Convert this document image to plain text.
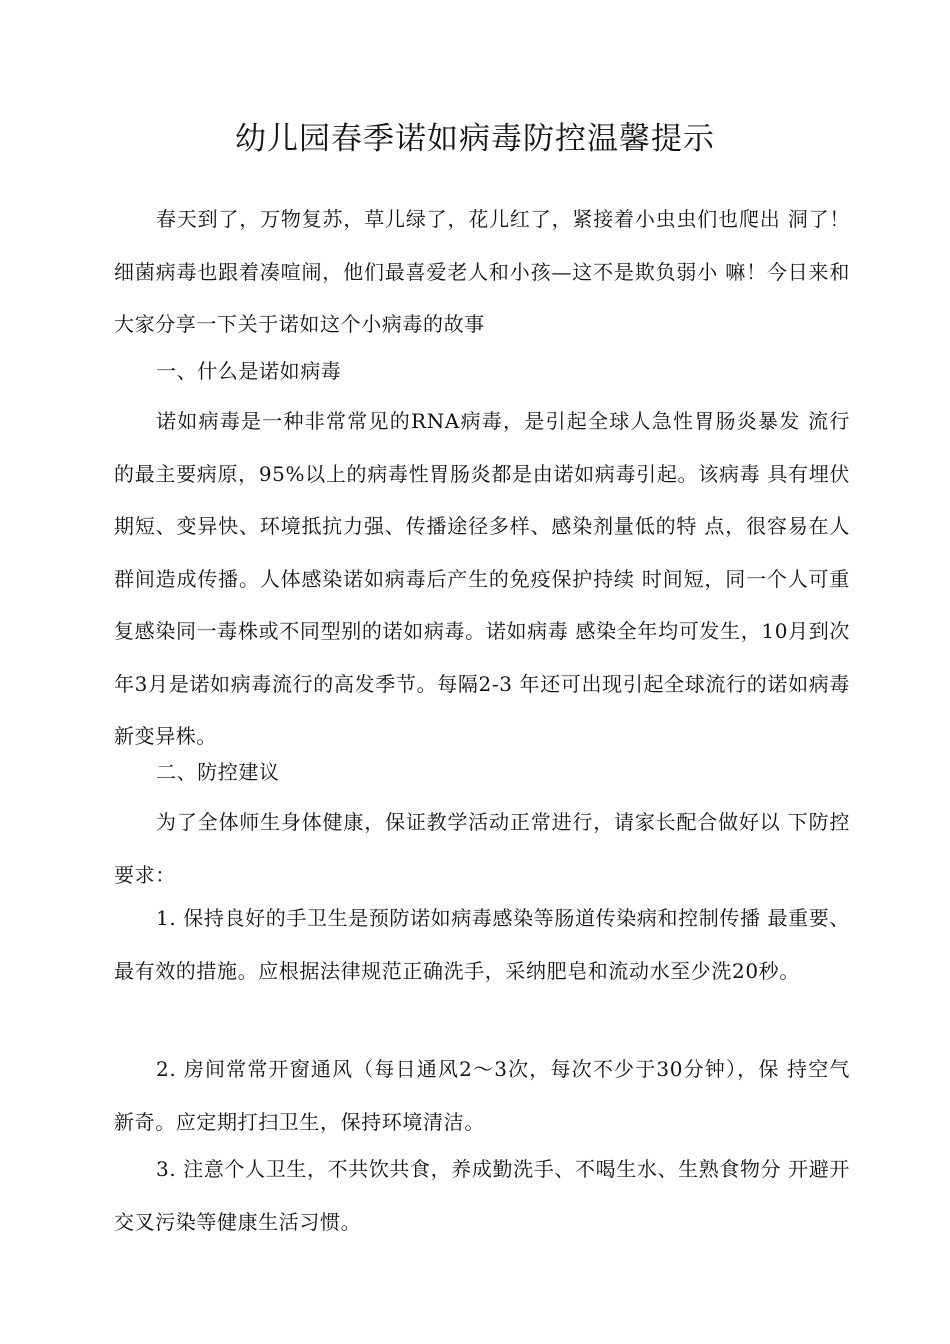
幼儿园春季诺如病毒防控温馨提示
春天到了，万物复苏，草儿绿了，花儿红了，紧接着小虫虫们也爬出 洞了！细菌病毒也跟着凑喧闹，他们最喜爱老人和小孩—这不是欺负弱小 嘛！今日来和大家分享一下关于诺如这个小病毒的故事
一、什么是诺如病毒
诺如病毒是一种非常常见的RNA病毒，是引起全球人急性胃肠炎暴发 流行的最主要病原，95%以上的病毒性胃肠炎都是由诺如病毒引起。该病毒 具有埋伏期短、变异快、环境抵抗力强、传播途径多样、感染剂量低的特 点，很容易在人群间造成传播。人体感染诺如病毒后产生的免疫保护持续 时间短，同一个人可重复感染同一毒株或不同型别的诺如病毒。诺如病毒 感染全年均可发生，10月到次年3月是诺如病毒流行的高发季节。每隔2-3 年还可出现引起全球流行的诺如病毒新变异株。
二、防控建议
为了全体师生身体健康，保证教学活动正常进行，请家长配合做好以 下防控要求：
1. 保持良好的手卫生是预防诺如病毒感染等肠道传染病和控制传播 最重要、最有效的措施。应根据法律规范正确洗手，采纳肥皂和流动水至少洗20秒。
2. 房间常常开窗通风（每日通风2〜3次，每次不少于30分钟），保 持空气新奇。应定期打扫卫生，保持环境清洁。
3. 注意个人卫生，不共饮共食，养成勤洗手、不喝生水、生熟食物分 开避开交叉污染等健康生活习惯。
